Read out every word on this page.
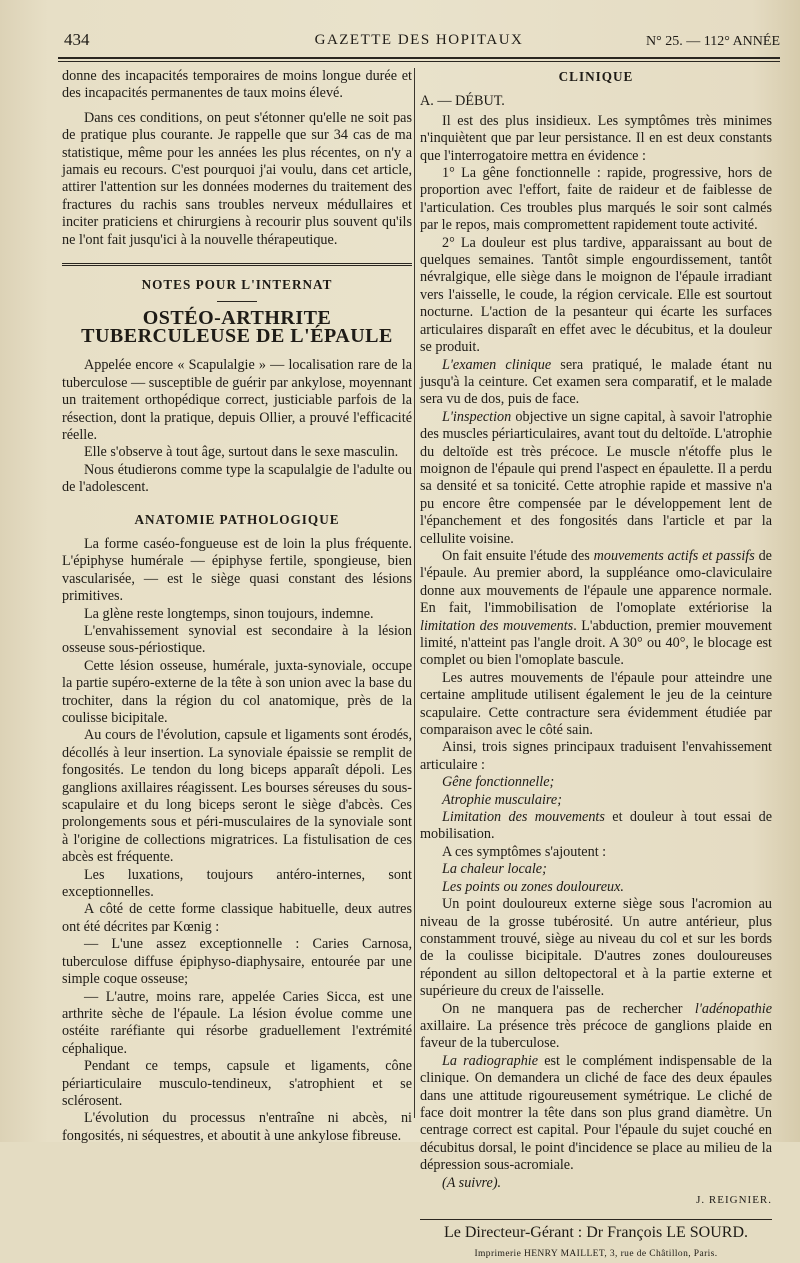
434	GAZETTE DES HOPITAUX	N° 25. — 112° ANNÉE

donne des incapacités temporaires de moins longue durée et des incapacités permanentes de taux moins élevé.

Dans ces conditions, on peut s'étonner qu'elle ne soit pas de pratique plus courante. Je rappelle que sur 34 cas de ma statistique, même pour les années les plus récentes, on n'y a jamais eu recours. C'est pourquoi j'ai voulu, dans cet article, attirer l'attention sur les données modernes du traitement des fractures du rachis sans troubles nerveux médullaires et inciter praticiens et chirurgiens à recourir plus souvent qu'ils ne l'ont fait jusqu'ici à la nouvelle thérapeutique.

NOTES POUR L'INTERNAT
OSTÉO-ARTHRITE TUBERCULEUSE DE L'ÉPAULE

Appelée encore « Scapulalgie » — localisation rare de la tuberculose — susceptible de guérir par ankylose, moyennant un traitement orthopédique correct, justiciable parfois de la résection, dont la pratique, depuis Ollier, a prouvé l'efficacité réelle.

Elle s'observe à tout âge, surtout dans le sexe masculin.

Nous étudierons comme type la scapulalgie de l'adulte ou de l'adolescent.

ANATOMIE PATHOLOGIQUE

La forme caséo-fongueuse est de loin la plus fréquente. L'épiphyse humérale — épiphyse fertile, spongieuse, bien vascularisée, — est le siège quasi constant des lésions primitives.

La glène reste longtemps, sinon toujours, indemne.

L'envahissement synovial est secondaire à la lésion osseuse sous-périostique.

Cette lésion osseuse, humérale, juxta-synoviale, occupe la partie supéro-externe de la tête à son union avec la base du trochiter, dans la région du col anatomique, près de la coulisse bicipitale.

Au cours de l'évolution, capsule et ligaments sont érodés, décollés à leur insertion. La synoviale épaissie se remplit de fongosités. Le tendon du long biceps apparaît dépoli. Les ganglions axillaires réagissent. Les bourses séreuses du sous-scapulaire et du long biceps seront le siège d'abcès. Ces prolongements sous et péri-musculaires de la synoviale sont à l'origine de collections migratrices. La fistulisation de ces abcès est fréquente.

Les luxations, toujours antéro-internes, sont exceptionnelles.

A côté de cette forme classique habituelle, deux autres ont été décrites par Kœnig :

— L'une assez exceptionnelle : Caries Carnosa, tuberculose diffuse épiphyso-diaphysaire, entourée par une simple coque osseuse;

— L'autre, moins rare, appelée Caries Sicca, est une arthrite sèche de l'épaule. La lésion évolue comme une ostéite raréfiante qui résorbe graduellement l'extrémité céphalique.

Pendant ce temps, capsule et ligaments, cône périarticulaire musculo-tendineux, s'atrophient et se sclérosent.

L'évolution du processus n'entraîne ni abcès, ni fongosités, ni séquestres, et aboutit à une ankylose fibreuse.

CLINIQUE

A. — DÉBUT.

Il est des plus insidieux. Les symptômes très minimes n'inquiètent que par leur persistance. Il en est deux constants que l'interrogatoire mettra en évidence :

1° La gêne fonctionnelle : rapide, progressive, hors de proportion avec l'effort, faite de raideur et de faiblesse de l'articulation. Ces troubles plus marqués le soir sont calmés par le repos, mais compromettent rapidement toute activité.

2° La douleur est plus tardive, apparaissant au bout de quelques semaines. Tantôt simple engourdissement, tantôt névralgique, elle siège dans le moignon de l'épaule irradiant vers l'aisselle, le coude, la région cervicale. Elle est sourtout nocturne. L'action de la pesanteur qui écarte les surfaces articulaires disparaît en effet avec le décubitus, et la douleur se produit.

L'examen clinique sera pratiqué, le malade étant nu jusqu'à la ceinture. Cet examen sera comparatif, et le malade sera vu de dos, puis de face.

L'inspection objective un signe capital, à savoir l'atrophie des muscles périarticulaires, avant tout du deltoïde. L'atrophie du deltoïde est très précoce. Le muscle n'étoffe plus le moignon de l'épaule qui prend l'aspect en épaulette. Il a perdu sa densité et sa tonicité. Cette atrophie rapide et massive n'a pu encore être compensée par le développement lent de l'épanchement et des fongosités dans l'article et par la cellulite voisine.

On fait ensuite l'étude des mouvements actifs et passifs de l'épaule. Au premier abord, la suppléance omo-claviculaire donne aux mouvements de l'épaule une apparence normale. En fait, l'immobilisation de l'omoplate extériorise la limitation des mouvements. L'abduction, premier mouvement limité, n'atteint pas l'angle droit. A 30° ou 40°, le blocage est complet ou bien l'omoplate bascule.

Les autres mouvements de l'épaule pour atteindre une certaine amplitude utilisent également le jeu de la ceinture scapulaire. Cette contracture sera évidemment étudiée par comparaison avec le côté sain.

Ainsi, trois signes principaux traduisent l'envahissement articulaire :

Gêne fonctionnelle;

Atrophie musculaire;

Limitation des mouvements et douleur à tout essai de mobilisation.

A ces symptômes s'ajoutent :

La chaleur locale;

Les points ou zones douloureux.

Un point douloureux externe siège sous l'acromion au niveau de la grosse tubérosité. Un autre antérieur, plus constamment trouvé, siège au niveau du col et sur les bords de la coulisse bicipitale. D'autres zones douloureuses répondent au sillon deltopectoral et à la partie externe et supérieure du creux de l'aisselle.

On ne manquera pas de rechercher l'adénopathie axillaire. La présence très précoce de ganglions plaide en faveur de la tuberculose.

La radiographie est le complément indispensable de la clinique. On demandera un cliché de face des deux épaules dans une attitude rigoureusement symétrique. Le cliché de face doit montrer la tête dans son plus grand diamètre. Un centrage correct est capital. Pour l'épaule du sujet couché en décubitus dorsal, le point d'incidence se place au milieu de la dépression sous-acromiale.

(A suivre).

J. REIGNIER.
Le Directeur-Gérant : Dr François LE SOURD.
Imprimerie HENRY MAILLET, 3, rue de Châtillon, Paris.
